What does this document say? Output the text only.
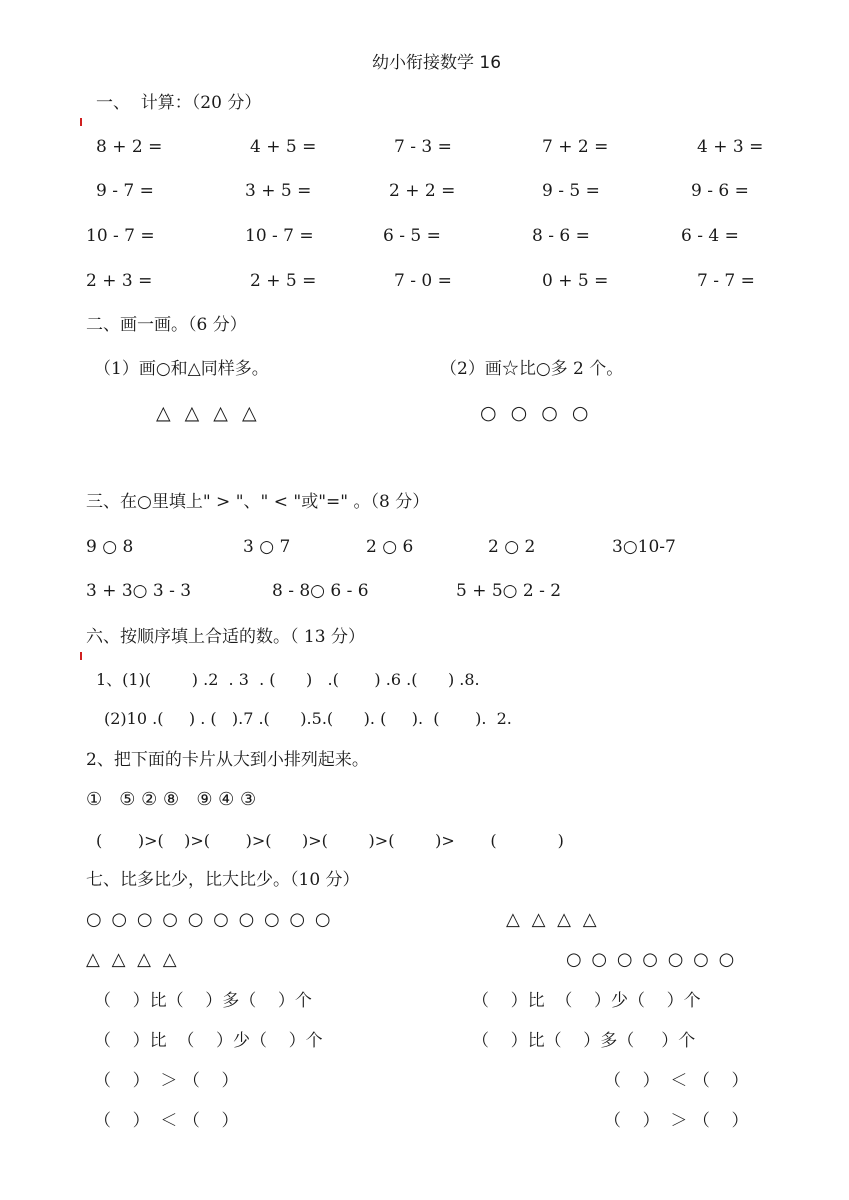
幼小衔接数学 16
一、  计算：（20 分）
8 + 2 =	4 + 5 =	7 - 3 =	7 + 2 =	4 + 3 =
9 - 7 =	3 + 5 =	2 + 2 =	9 - 5 =	9 - 6 =
10 - 7 =	10 - 7 =	6 - 5 =	8 - 6 =	6 - 4 =
2 + 3 =	2 + 5 =	7 - 0 =	0 + 5 =	7 - 7 =
二、画一画。（6 分）
（1）画○和△同样多。	（2）画☆比○多 2 个。
△ △ △ △	○ ○ ○ ○
三、在○里填上" > "、" < "或"=" 。（8 分）
9 ○ 8	3 ○ 7	2 ○ 6	2 ○ 2	3○10-7
3 + 3○ 3 - 3	8 - 8○ 6 - 6	5 + 5○ 2 - 2
六、按顺序填上合适的数。（ 13 分）
1、(1)(        ) .2  . 3  . (      )   .(       ) .6 .(      ) .8.
(2)10 .(     ) . (   ).7 .(      ).5.(      ). (     ).  (       ).  2.
2、把下面的卡片从大到小排列起来。
①   ⑤ ② ⑧   ⑨ ④ ③
(       )>(    )>(       )>(      )>(        )>(        )>       (            )
七、比多比少，比大比少。（10 分）
○ ○ ○ ○ ○ ○ ○ ○ ○ ○	△ △ △ △
△ △ △ △	○ ○ ○ ○ ○ ○ ○
（    ）比（    ）多（    ）个	（    ）比  （    ）少（    ）个
（    ）比  （    ）少（    ）个	（    ）比（    ）多（     ）个
（    ）  ＞ （    ）	（    ）  ＜ （    ）
（    ）  ＜ （    ）	（    ）  ＞ （    ）
